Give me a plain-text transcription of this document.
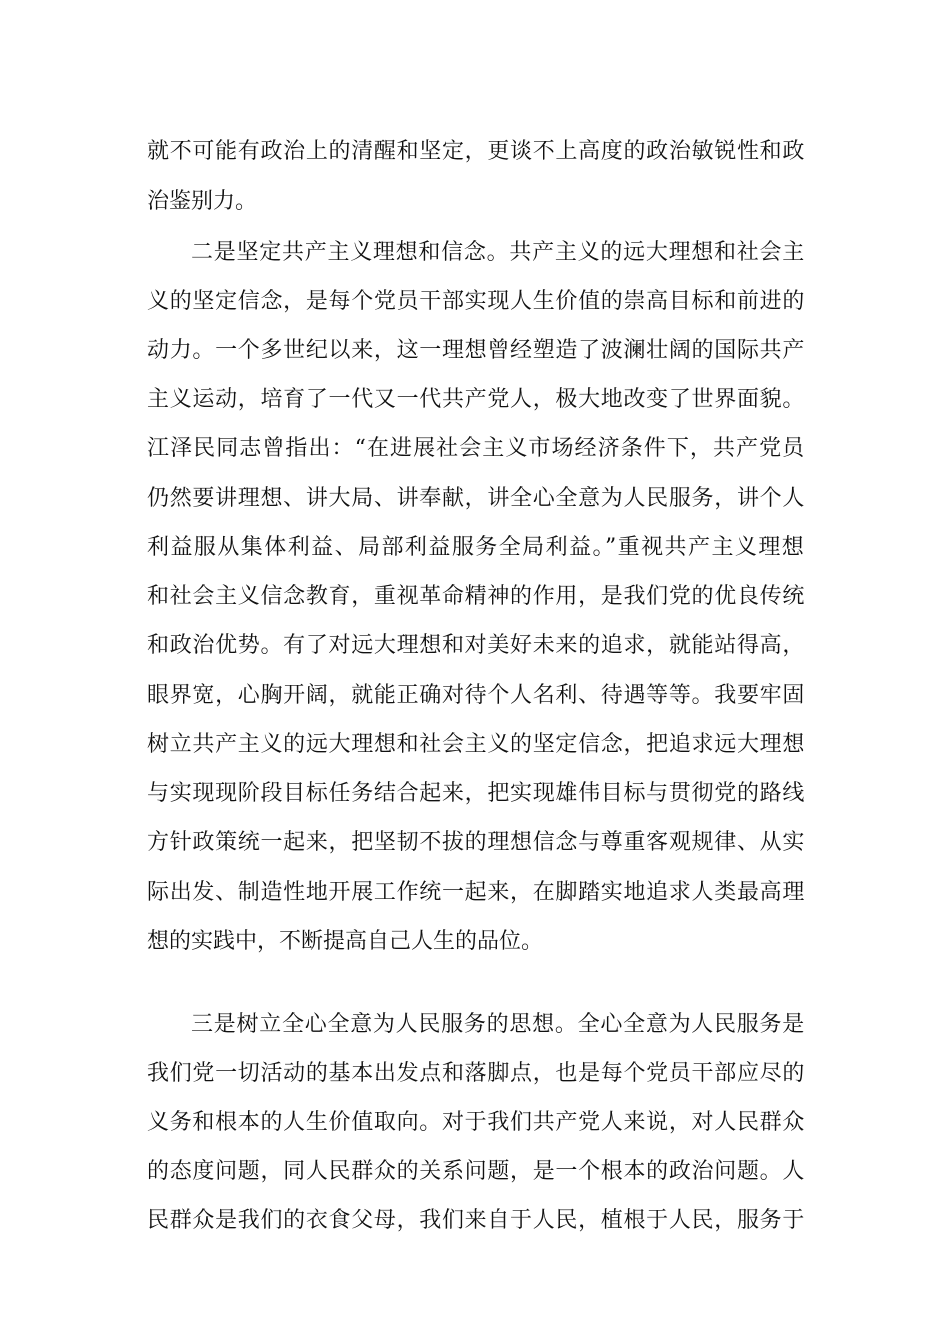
就不可能有政治上的清醒和坚定，更谈不上高度的政治敏锐性和政
治鉴别力。
二是坚定共产主义理想和信念。共产主义的远大理想和社会主
义的坚定信念，是每个党员干部实现人生价值的崇高目标和前进的
动力。一个多世纪以来，这一理想曾经塑造了波澜壮阔的国际共产
主义运动，培育了一代又一代共产党人，极大地改变了世界面貌。
江泽民同志曾指出：“在进展社会主义市场经济条件下，共产党员
仍然要讲理想、讲大局、讲奉献，讲全心全意为人民服务，讲个人
利益服从集体利益、局部利益服务全局利益。”重视共产主义理想
和社会主义信念教育，重视革命精神的作用，是我们党的优良传统
和政治优势。有了对远大理想和对美好未来的追求，就能站得高，
眼界宽，心胸开阔，就能正确对待个人名利、待遇等等。我要牢固
树立共产主义的远大理想和社会主义的坚定信念，把追求远大理想
与实现现阶段目标任务结合起来，把实现雄伟目标与贯彻党的路线
方针政策统一起来，把坚韧不拔的理想信念与尊重客观规律、从实
际出发、制造性地开展工作统一起来，在脚踏实地追求人类最高理
想的实践中，不断提高自己人生的品位。
三是树立全心全意为人民服务的思想。全心全意为人民服务是
我们党一切活动的基本出发点和落脚点，也是每个党员干部应尽的
义务和根本的人生价值取向。对于我们共产党人来说，对人民群众
的态度问题，同人民群众的关系问题，是一个根本的政治问题。人
民群众是我们的衣食父母，我们来自于人民，植根于人民，服务于
